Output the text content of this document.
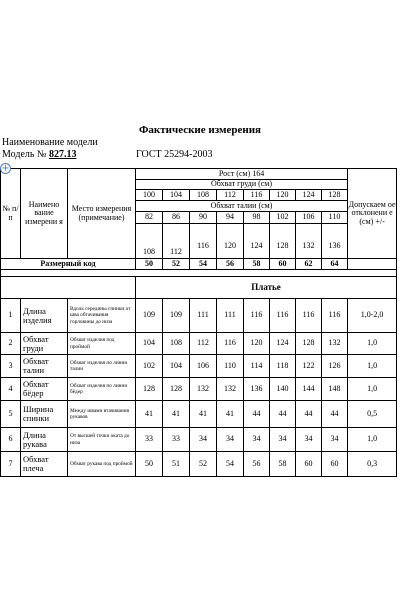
Фактические измерения
Наименование модели
Модель № 827.13	ГОСТ 25294-2003
№ п/п	Наимено вание измерени я	Место измерения (примечание)	Рост (см) 164								Допускаем ое отклонени е (см) +/-
			Обхват груди (см)								
			100	104	108	112	116	120	124	128	
			Обхват талии (см)								
			82	86	90	94	98	102	106	110	
			108	112	116	120	124	128	132	136	
Размерный код			50	52	54	56	58	60	62	64	

			Платье								
1	Длина изделия	Вдоль середины спинки от шва обтачивания горловины до низа	109	109	111	111	116	116	116	116	1,0-2,0
2	Обхват груди	Обхват изделия под проймой	104	108	112	116	120	124	128	132	1,0
3	Обхват талии	Обхват изделия по линии талии	102	104	106	110	114	118	122	126	1,0
4	Обхват бёдер	Обхват изделия по линии бёдер	128	128	132	132	136	140	144	148	1,0
5	Ширина спинки	Между швами втачивания рукавов	41	41	41	41	44	44	44	44	0,5
6	Длина рукава	От высшей точки оката до низа	33	33	34	34	34	34	34	34	1,0
7	Обхват плеча	Обхват рукава под проймой	50	51	52	54	56	58	60	60	0,3
+
